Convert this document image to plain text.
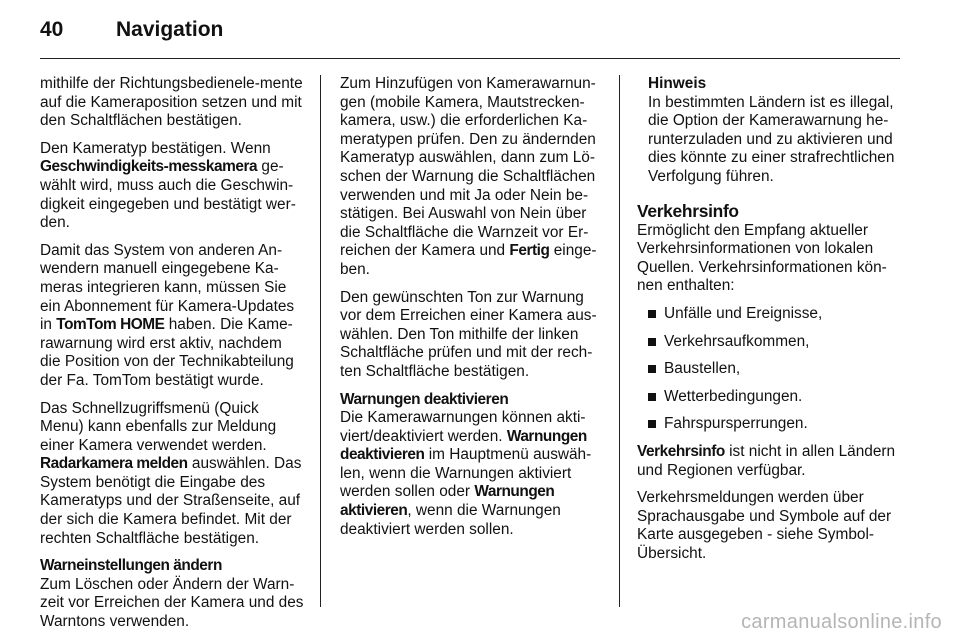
40	Navigation

mithilfe der Richtungsbedienele-mente auf die Kameraposition setzen und mit den Schaltflächen bestätigen.

Den Kameratyp bestätigen. Wenn Geschwindigkeits-messkamera ge-wählt wird, muss auch die Geschwin-digkeit eingegeben und bestätigt wer-den.

Damit das System von anderen An-wendern manuell eingegebene Ka-meras integrieren kann, müssen Sie ein Abonnement für Kamera-Updates in TomTom HOME haben. Die Kame-rawarnung wird erst aktiv, nachdem die Position von der Technikabteilung der Fa. TomTom bestätigt wurde.

Das Schnellzugriffsmenü (Quick Menu) kann ebenfalls zur Meldung einer Kamera verwendet werden. Radarkamera melden auswählen. Das System benötigt die Eingabe des Kameratyps und der Straßenseite, auf der sich die Kamera befindet. Mit der rechten Schaltfläche bestätigen.

Warneinstellungen ändern
Zum Löschen oder Ändern der Warn-zeit vor Erreichen der Kamera und des Warntons verwenden.

Zum Hinzufügen von Kamerawarnun-gen (mobile Kamera, Mautstrecken-kamera, usw.) die erforderlichen Ka-meratypen prüfen. Den zu ändernden Kameratyp auswählen, dann zum Lö-schen der Warnung die Schaltflächen verwenden und mit Ja oder Nein be-stätigen. Bei Auswahl von Nein über die Schaltfläche die Warnzeit vor Er-reichen der Kamera und Fertig einge-ben.

Den gewünschten Ton zur Warnung vor dem Erreichen einer Kamera aus-wählen. Den Ton mithilfe der linken Schaltfläche prüfen und mit der rech-ten Schaltfläche bestätigen.

Warnungen deaktivieren
Die Kamerawarnungen können akti-viert/deaktiviert werden. Warnungen deaktivieren im Hauptmenü auswäh-len, wenn die Warnungen aktiviert werden sollen oder Warnungen aktivieren, wenn die Warnungen deaktiviert werden sollen.

Hinweis
In bestimmten Ländern ist es illegal, die Option der Kamerawarnung he-runterzuladen und zu aktivieren und dies könnte zu einer strafrechtlichen Verfolgung führen.

Verkehrsinfo
Ermöglicht den Empfang aktueller Verkehrsinformationen von lokalen Quellen. Verkehrsinformationen kön-nen enthalten:

Unfälle und Ereignisse,
Verkehrsaufkommen,
Baustellen,
Wetterbedingungen.
Fahrspursperrungen.

Verkehrsinfo ist nicht in allen Ländern und Regionen verfügbar.

Verkehrsmeldungen werden über Sprachausgabe und Symbole auf der Karte ausgegeben - siehe Symbol-Übersicht.

carmanualsonline.info
